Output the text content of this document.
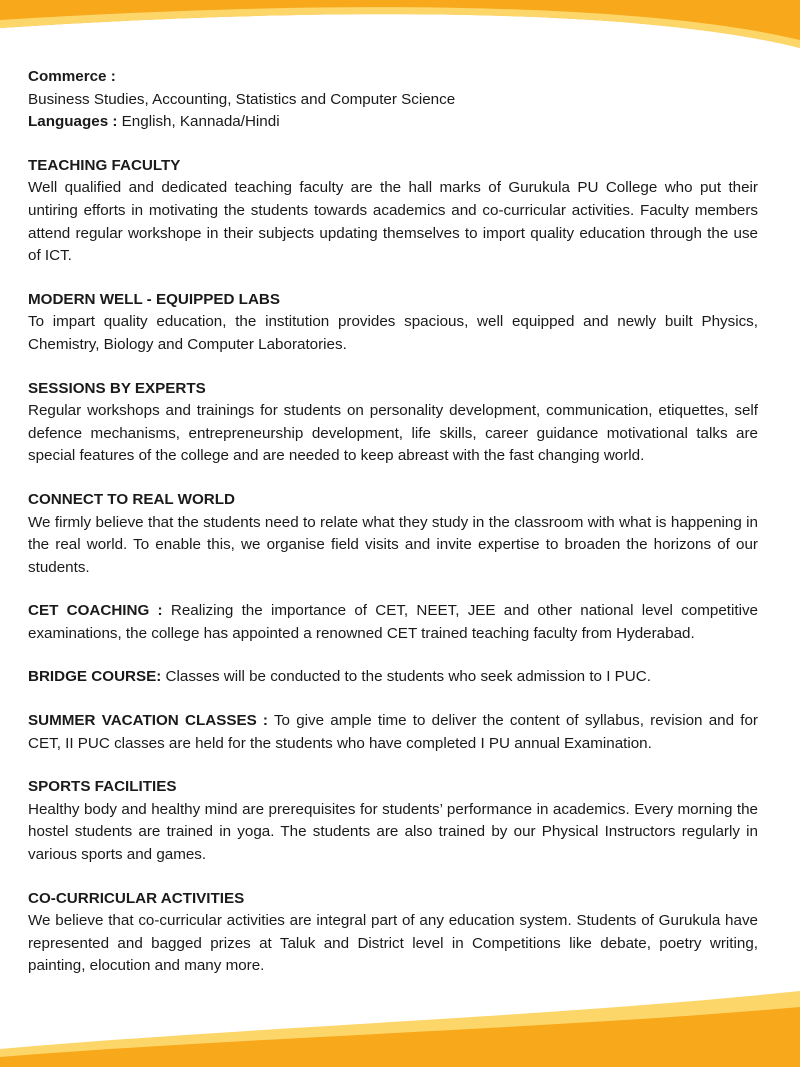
Commerce :
Business Studies, Accounting, Statistics and Computer Science
Languages : English, Kannada/Hindi
TEACHING FACULTY
Well qualified and dedicated teaching faculty are the hall marks of Gurukula PU College who put their untiring efforts in motivating the students towards academics and co-curricular activities. Faculty members attend regular workshope in their subjects updating themselves to import quality education through the use of ICT.
MODERN WELL - EQUIPPED LABS
To impart quality education, the institution provides spacious, well equipped and newly built Physics, Chemistry, Biology and Computer Laboratories.
SESSIONS BY EXPERTS
Regular workshops and trainings for students on personality development, communication, etiquettes, self defence mechanisms, entrepreneurship development, life skills, career guidance motivational talks are special features of the college and are needed to keep abreast with the fast changing world.
CONNECT TO REAL WORLD
We firmly believe that the students need to relate what they study in the classroom with what is happening in the real world. To enable this, we organise field visits and invite expertise to broaden the horizons of our students.
CET COACHING : Realizing the importance of CET, NEET, JEE and other national level competitive examinations, the college has appointed a renowned CET trained teaching faculty from Hyderabad.
BRIDGE COURSE: Classes will be conducted to the students who seek admission to I PUC.
SUMMER VACATION CLASSES : To give ample time to deliver the content of syllabus, revision and for CET, II PUC classes are held for the students who have completed I PU annual Examination.
SPORTS FACILITIES
Healthy body and healthy mind are prerequisites for students’ performance in academics. Every morning the hostel students are trained in yoga. The students are also trained by our Physical Instructors regularly in various sports and games.
CO-CURRICULAR ACTIVITIES
We believe that co-curricular activities are integral part of any education system. Students of Gurukula have represented and bagged prizes at Taluk and District level in Competitions like debate, poetry writing, painting, elocution and many more.
